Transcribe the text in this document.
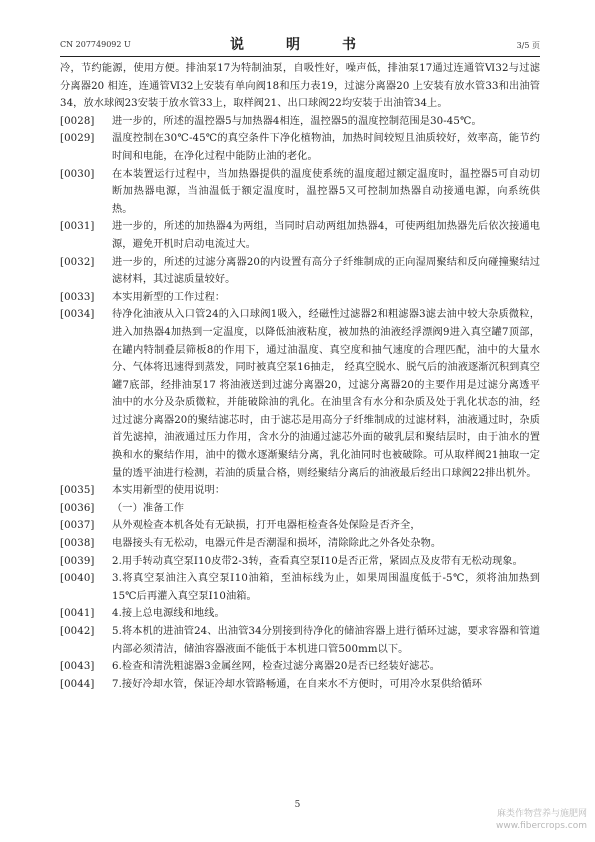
CN 207749092 U	说　明　书	3/5 页

冷，节约能源，使用方便。排油泵17为特制油泵，自吸性好，噪声低，排油泵17通过连通管Ⅵ32与过滤分离器20 相连，连通管Ⅵ32上安装有单向阀18和压力表19，过滤分离器20 上安装有放水管33和出油管34，放水球阀23安装于放水管33上，取样阀21、出口球阀22均安装于出油管34上。

[0028]	进一步的，所述的温控器5与加热器4相连，温控器5的温度控制范围是30-45℃。
[0029]	温度控制在30℃-45℃的真空条件下净化植物油，加热时间较短且油质较好，效率高，能节约时间和电能，在净化过程中能防止油的老化。
[0030]	在本装置运行过程中，当加热器提供的温度使系统的温度超过额定温度时，温控器5可自动切断加热器电源，当油温低于额定温度时，温控器5又可控制加热器自动接通电源，向系统供热。
[0031]	进一步的，所述的加热器4为两组，当同时启动两组加热器4，可使两组加热器先后依次接通电源，避免开机时启动电流过大。
[0032]	进一步的，所述的过滤分离器20的内设置有高分子纤维制成的正向湿周聚结和反向碰撞聚结过滤材料，其过滤质量较好。
[0033]	本实用新型的工作过程：
[0034]	待净化油液从入口管24的入口球阀1吸入，经磁性过滤器2和粗滤器3滤去油中较大杂质微粒，进入加热器4加热到一定温度，以降低油液粘度，被加热的油液经浮漂阀9进入真空罐7顶部，在罐内特制叠层筛板8的作用下，通过油温度、真空度和抽气速度的合理匹配，油中的大量水分、气体将迅速得到蒸发，同时被真空泵16抽走， 经真空脱水、脱气后的油液逐渐沉积到真空罐7底部，经排油泵17 将油液送到过滤分离器20，过滤分离器20的主要作用是过滤分离透平油中的水分及杂质微粒，并能破除油的乳化。在油里含有水分和杂质及处于乳化状态的油，经过过滤分离器20的聚结滤芯时，由于滤芯是用高分子纤维制成的过滤材料，油液通过时，杂质首先滤掉，油液通过压力作用，含水分的油通过滤芯外面的破乳层和聚结层时，由于油水的置换和水的聚结作用，油中的微水逐渐聚结分离，乳化油同时也被破除。可从取样阀21抽取一定量的透平油进行检测，若油的质量合格，则经聚结分离后的油液最后经出口球阀22排出机外。
[0035]	本实用新型的使用说明：
[0036]	（一）准备工作
[0037]	从外观检查本机各处有无缺损，打开电器柜检查各处保险是否齐全，
[0038]	电器接头有无松动，电器元件是否潮湿和损坏，清除除此之外各处杂物。
[0039]	2.用手转动真空泵Ⅰ10皮带2-3转，查看真空泵Ⅰ10是否正常，紧固点及皮带有无松动现象。
[0040]	3.将真空泵油注入真空泵Ⅰ10油箱，至油标线为止，如果周围温度低于-5℃，须将油加热到15℃后再灌入真空泵Ⅰ10油箱。
[0041]	4.接上总电源线和地线。
[0042]	5.将本机的进油管24、出油管34分别接到待净化的储油容器上进行循环过滤，要求容器和管道内部必须清洁，储油容器液面不能低于本机进口管500mm以下。
[0043]	6.检查和清洗粗滤器3金属丝网，检查过滤分离器20是否已经装好滤芯。
[0044]	7.接好冷却水管，保证冷却水管路畅通，在自来水不方便时，可用冷水泵供给循环
5
麻类作物营养与施肥网
www.fibercrops.com
